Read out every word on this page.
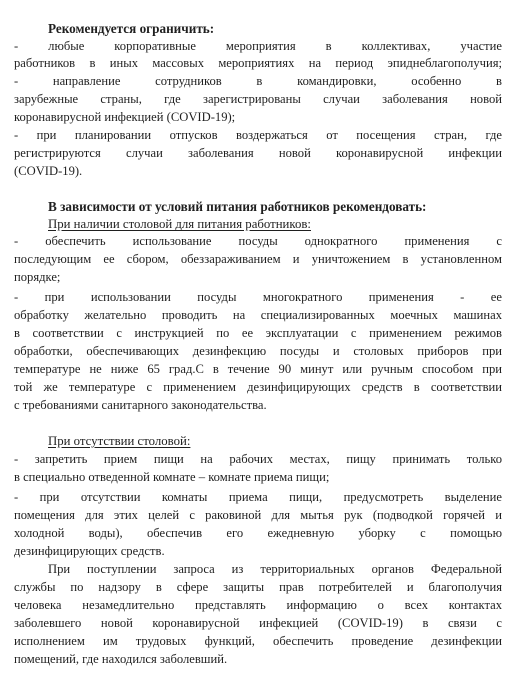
Рекомендуется ограничить:
- любые корпоративные мероприятия в коллективах, участие
работников в иных массовых мероприятиях на период эпиднеблагополучия;
- направление сотрудников в командировки, особенно в
зарубежные страны, где зарегистрированы случаи заболевания новой
коронавирусной инфекцией (COVID-19);
- при планировании отпусков воздержаться от посещения стран, где
регистрируются случаи заболевания новой коронавирусной инфекции
(COVID-19).
В зависимости от условий питания работников рекомендовать:
При наличии столовой для питания работников:
- обеспечить использование посуды однократного применения с
последующим ее сбором, обеззараживанием и уничтожением в установленном
порядке;
- при использовании посуды многократного применения - ее
обработку желательно проводить на специализированных моечных машинах
в соответствии с инструкцией по ее эксплуатации с применением режимов
обработки, обеспечивающих дезинфекцию посуды и столовых приборов при
температуре не ниже 65 град.С в течение 90 минут или ручным способом при
той же температуре с применением дезинфицирующих средств в соответствии
с требованиями санитарного законодательства.
При отсутствии столовой:
- запретить прием пищи на рабочих местах, пищу принимать только
в специально отведенной комнате – комнате приема пищи;
- при отсутствии комнаты приема пищи, предусмотреть выделение
помещения для этих целей с раковиной для мытья рук (подводкой горячей и
холодной воды), обеспечив его ежедневную уборку с помощью
дезинфицирующих средств.
При поступлении запроса из территориальных органов Федеральной
службы по надзору в сфере защиты прав потребителей и благополучия
человека незамедлительно представлять информацию о всех контактах
заболевшего новой коронавирусной инфекцией (COVID-19) в связи с
исполнением им трудовых функций, обеспечить проведение дезинфекции
помещений, где находился заболевший.
